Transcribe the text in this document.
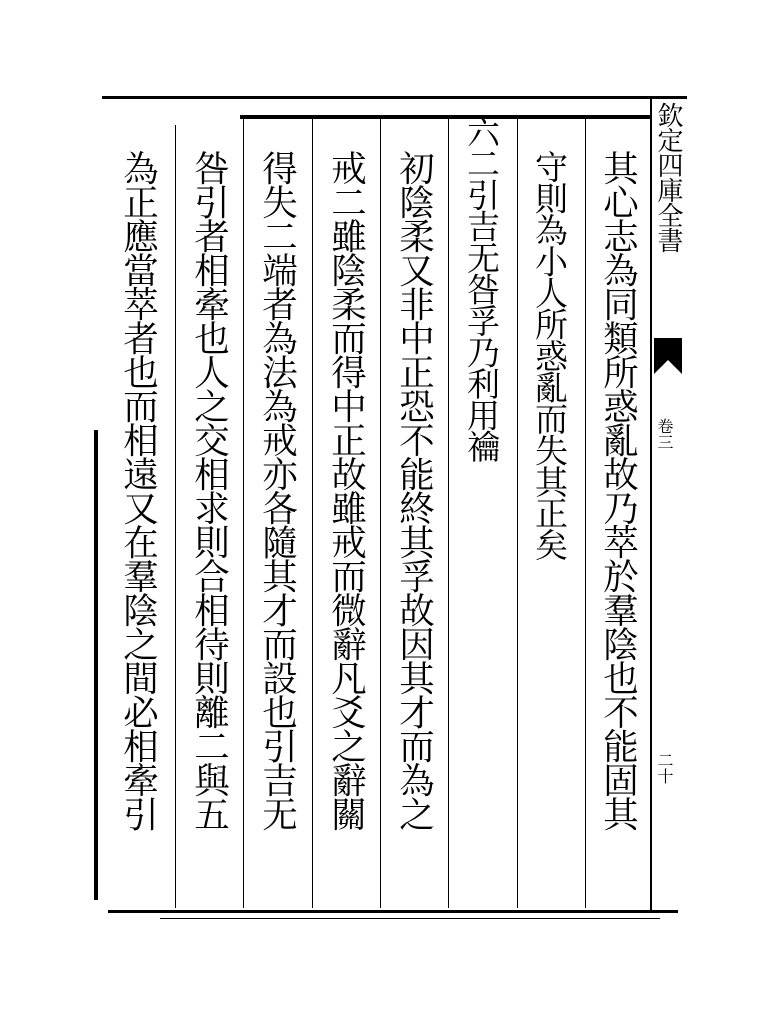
欽定四庫全書
卷三
二十
其心志為同類所惑亂故乃萃於羣陰也不能固其
守則為小人所惑亂而失其正矣
六二引吉无咎孚乃利用禴
初陰柔又非中正恐不能終其孚故因其才而為之
戒二雖陰柔而得中正故雖戒而微辭凡爻之辭關
得失二端者為法為戒亦各隨其才而設也引吉无
咎引者相牽也人之交相求則合相待則離二與五
為正應當萃者也而相遠又在羣陰之間必相牽引
